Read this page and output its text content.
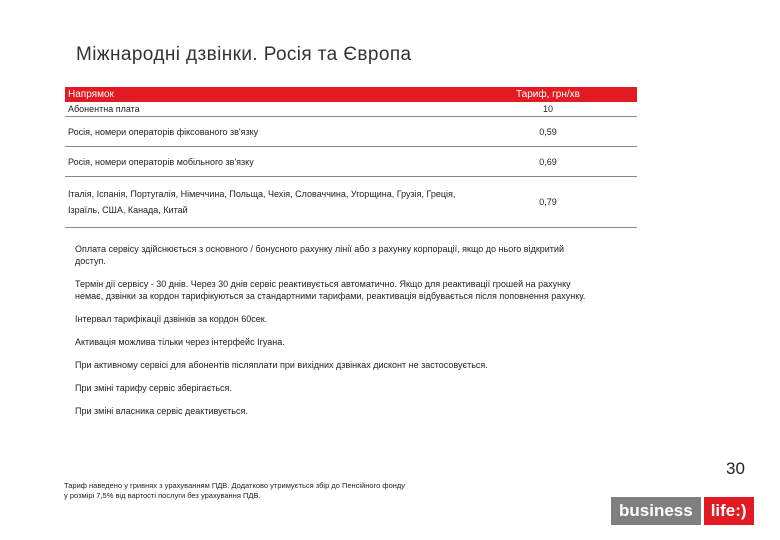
Міжнародні дзвінки. Росія та Європа
Напрямок	Тариф, грн/хв
Абонентна плата	10
Росія, номери операторів фіксованого зв'язку	0,59
Росія, номери операторів мобільного зв'язку	0,69
Італія, Іспанія, Португалія, Німеччина, Польща, Чехія, Словаччина, Угорщина, Грузія, Греція, Ізраїль, США, Канада, Китай	0,79

Оплата сервісу здійснюється з основного / бонусного рахунку лінії або з рахунку корпорації, якщо до нього відкритий доступ.

Термін дії сервісу - 30 днів. Через 30 днів сервіс реактивується автоматично. Якщо для реактивації грошей на рахунку немає, дзвінки за кордон тарифікуються за стандартними тарифами, реактивація відбувається після поповнення рахунку.

Інтервал тарифікації дзвінків за кордон 60сек.

Активація можлива тільки через інтерфейс Ігуана.

При активному сервісі для абонентів післяплати при вихідних дзвінках дисконт не застосовується.

При зміні тарифу сервіс зберігається.

При зміні власника сервіс деактивується.

30
Тариф наведено у гривнях з урахуванням ПДВ. Додатково утримується збір до Пенсійного фонду у розмірі 7,5% від вартості послуги без урахування ПДВ.
business	life:)
